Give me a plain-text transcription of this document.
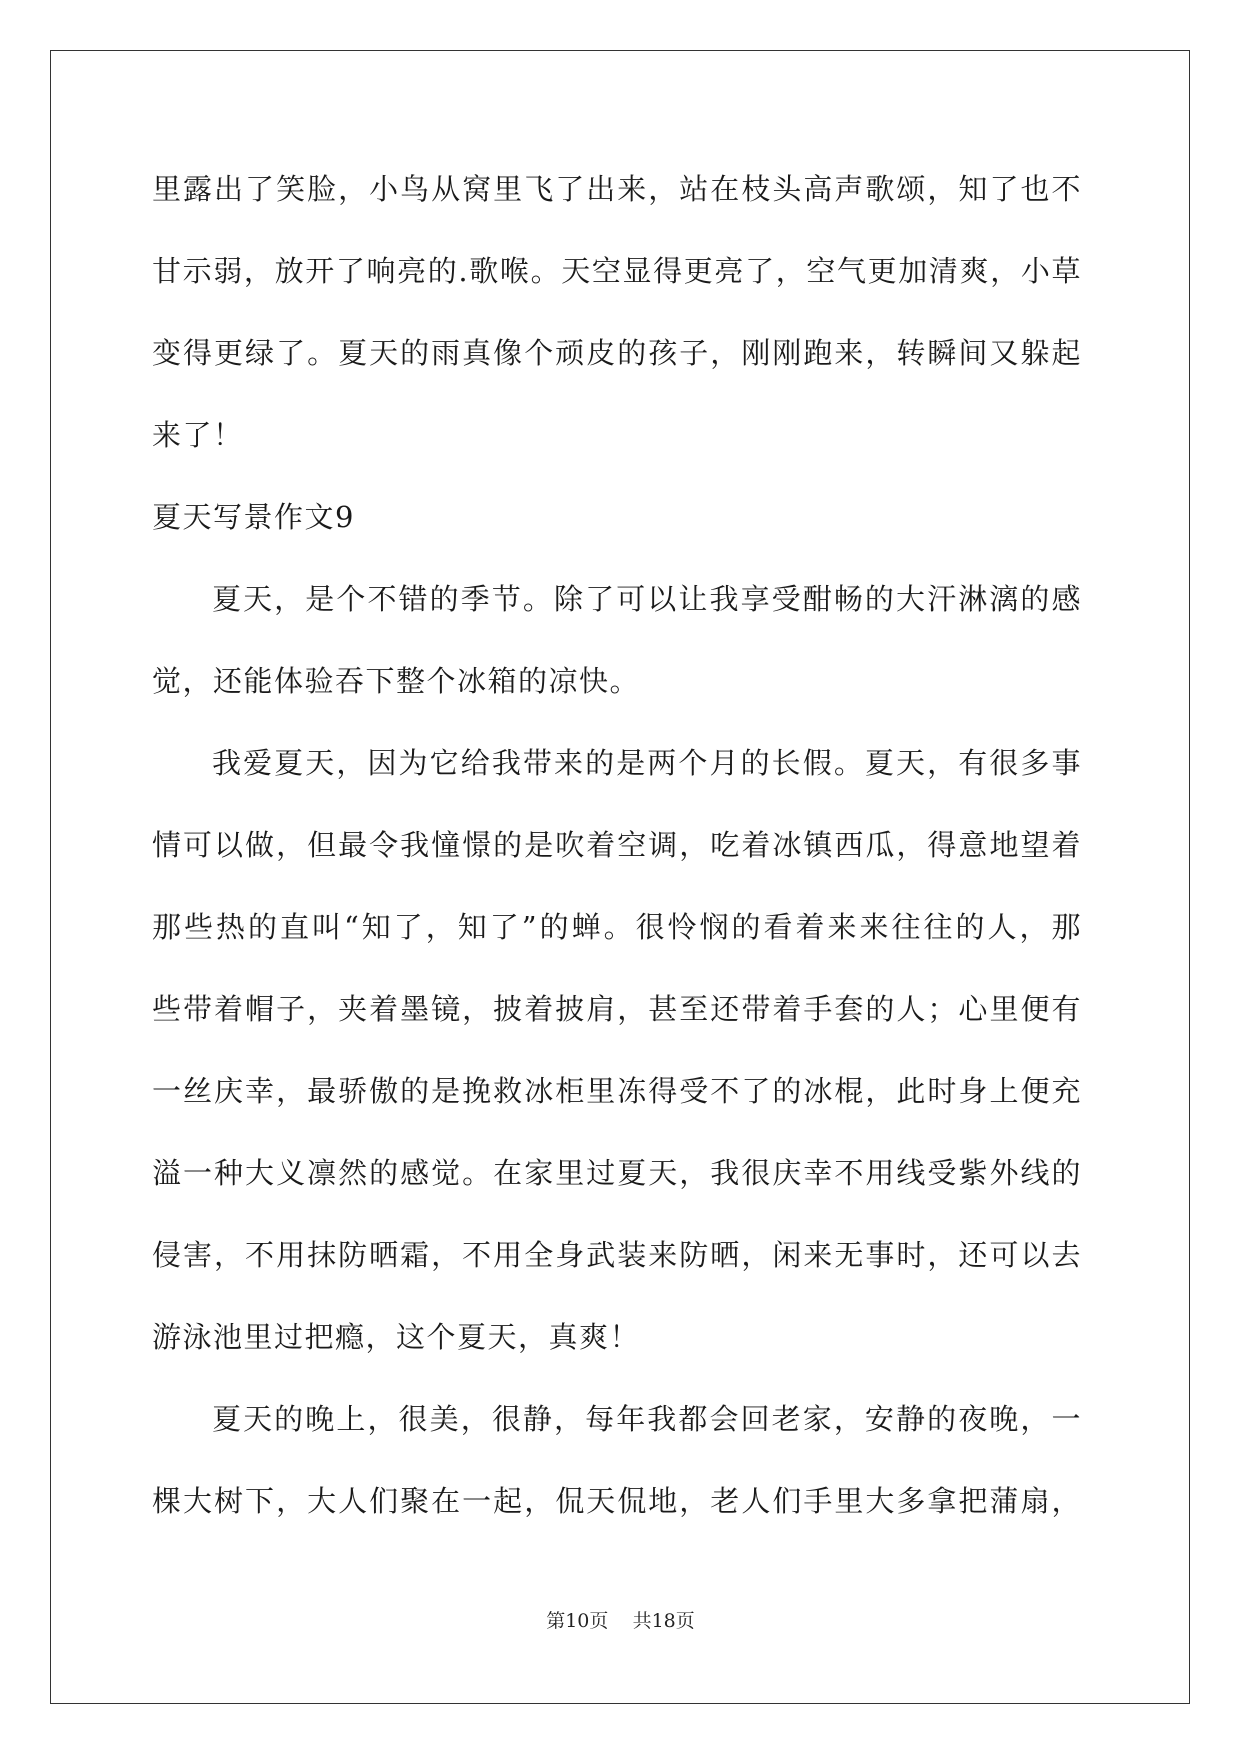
里露出了笑脸，小鸟从窝里飞了出来，站在枝头高声歌颂，知了也不
甘示弱，放开了响亮的.歌喉。天空显得更亮了，空气更加清爽，小草
变得更绿了。夏天的雨真像个顽皮的孩子，刚刚跑来，转瞬间又躲起
来了！
夏天写景作文9
夏天，是个不错的季节。除了可以让我享受酣畅的大汗淋漓的感
觉，还能体验吞下整个冰箱的凉快。
我爱夏天，因为它给我带来的是两个月的长假。夏天，有很多事
情可以做，但最令我憧憬的是吹着空调，吃着冰镇西瓜，得意地望着
那些热的直叫“知了，知了”的蝉。很怜悯的看着来来往往的人，那
些带着帽子，夹着墨镜，披着披肩，甚至还带着手套的人；心里便有
一丝庆幸，最骄傲的是挽救冰柜里冻得受不了的冰棍，此时身上便充
溢一种大义凛然的感觉。在家里过夏天，我很庆幸不用线受紫外线的
侵害，不用抹防晒霜，不用全身武装来防晒，闲来无事时，还可以去
游泳池里过把瘾，这个夏天，真爽！
夏天的晚上，很美，很静，每年我都会回老家，安静的夜晚，一
棵大树下，大人们聚在一起，侃天侃地，老人们手里大多拿把蒲扇，
第10页 共18页
